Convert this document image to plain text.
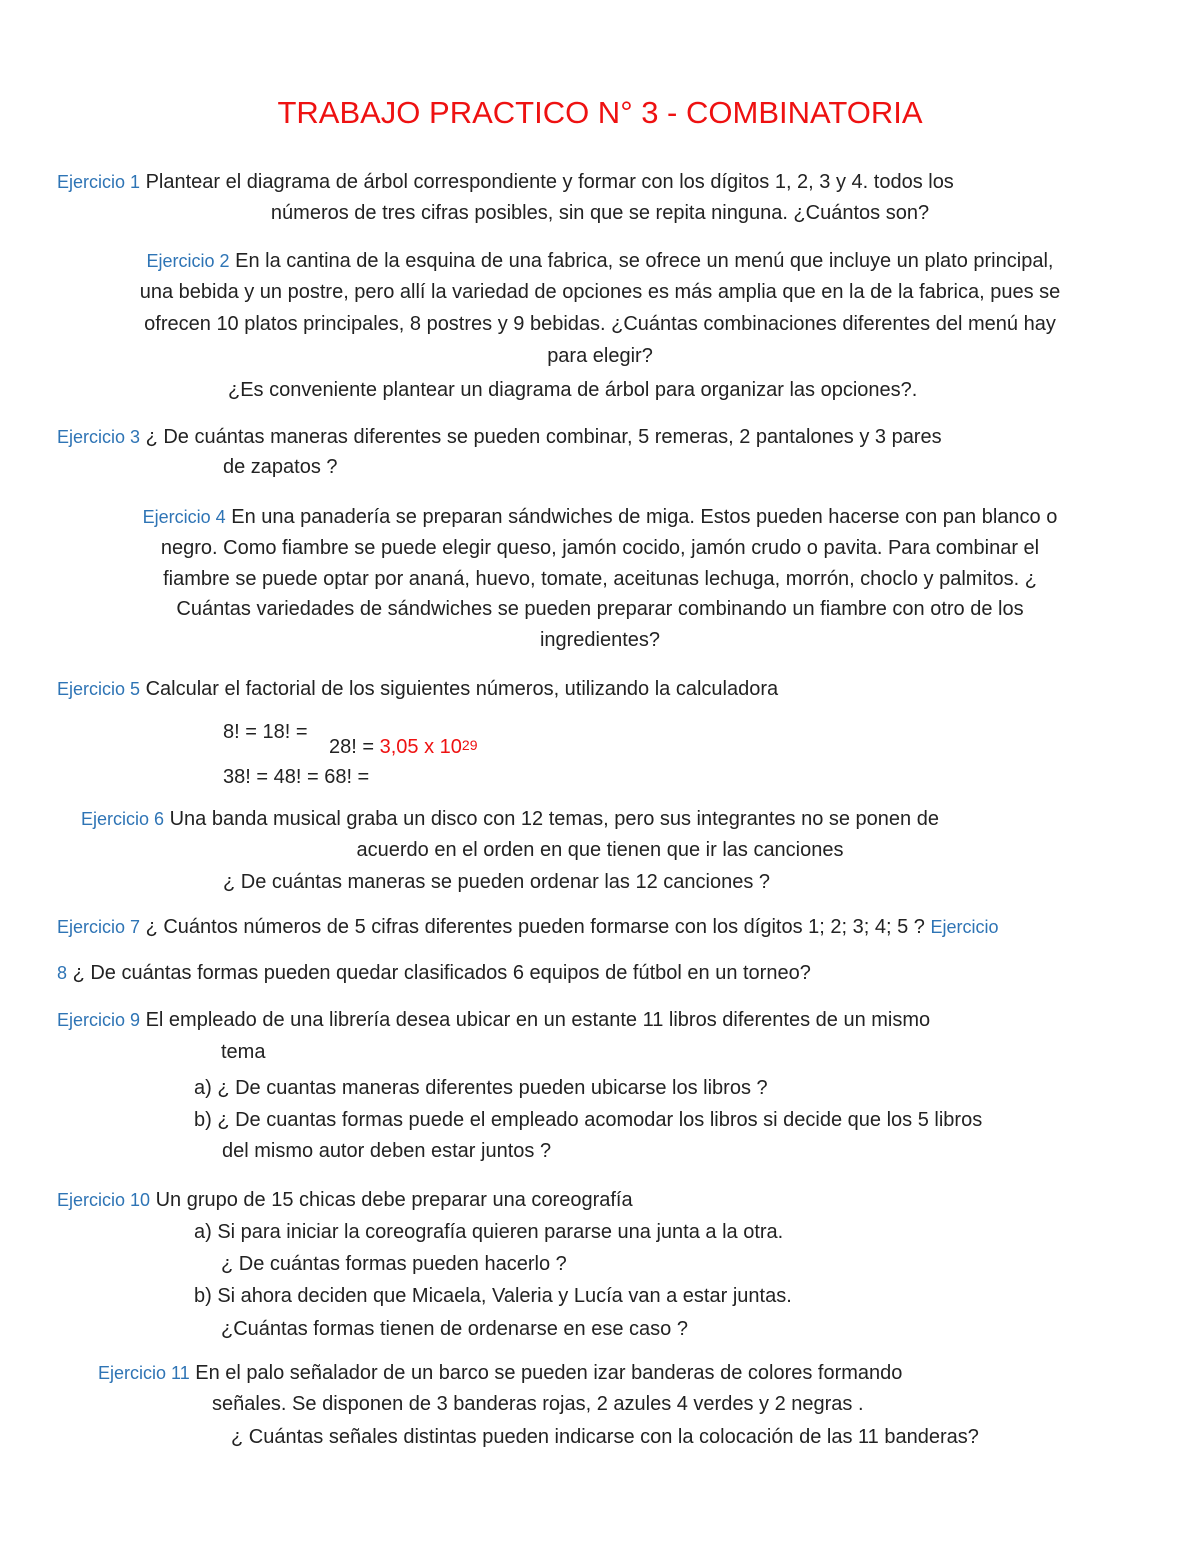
TRABAJO PRACTICO N° 3 - COMBINATORIA
Ejercicio 1 Plantear el diagrama de árbol correspondiente y formar con los dígitos 1, 2, 3 y 4. todos los
números de tres cifras posibles, sin que se repita ninguna. ¿Cuántos son?
Ejercicio 2 En la cantina de la esquina de una fabrica, se ofrece un menú que incluye un plato principal,
una bebida y un postre, pero allí la variedad de opciones es más amplia que en la de la fabrica, pues se
ofrecen 10 platos principales, 8 postres y 9 bebidas. ¿Cuántas combinaciones diferentes del menú hay
para elegir?
¿Es conveniente plantear un diagrama de árbol para organizar las opciones?.
Ejercicio 3 ¿ De cuántas maneras diferentes se pueden combinar, 5 remeras, 2 pantalones y 3 pares
de zapatos ?
Ejercicio 4 En una panadería se preparan sándwiches de miga. Estos pueden hacerse con pan blanco o
negro. Como fiambre se puede elegir queso, jamón cocido, jamón crudo o pavita. Para combinar el
fiambre se puede optar por ananá, huevo, tomate, aceitunas lechuga, morrón, choclo y palmitos. ¿
Cuántas variedades de sándwiches se pueden preparar combinando un fiambre con otro de los
ingredientes?
Ejercicio 5 Calcular el factorial de los siguientes números, utilizando la calculadora
8! = 18! =
28! = 3,05 x $10^{29}$
38! = 48! = 68! =
Ejercicio 6 Una banda musical graba un disco con 12 temas, pero sus integrantes no se ponen de
acuerdo en el orden en que tienen que ir las canciones
¿ De cuántas maneras se pueden ordenar las 12 canciones ?
Ejercicio 7 ¿ Cuántos números de 5 cifras diferentes pueden formarse con los dígitos 1; 2; 3; 4; 5 ? Ejercicio
8 ¿ De cuántas formas pueden quedar clasificados 6 equipos de fútbol en un torneo?
Ejercicio 9 El empleado de una librería desea ubicar en un estante 11 libros diferentes de un mismo
tema
a) ¿ De cuantas maneras diferentes pueden ubicarse los libros ?
b) ¿ De cuantas formas puede el empleado acomodar los libros si decide que los 5 libros
del mismo autor deben estar juntos ?
Ejercicio 10 Un grupo de 15 chicas debe preparar una coreografía
a) Si para iniciar la coreografía quieren pararse una junta a la otra.
¿ De cuántas formas pueden hacerlo ?
b) Si ahora deciden que Micaela, Valeria y Lucía van a estar juntas.
¿Cuántas formas tienen de ordenarse en ese caso ?
Ejercicio 11 En el palo señalador de un barco se pueden izar banderas de colores formando
señales. Se disponen de 3 banderas rojas, 2 azules 4 verdes y 2 negras .
¿ Cuántas señales distintas pueden indicarse con la colocación de las 11 banderas?
